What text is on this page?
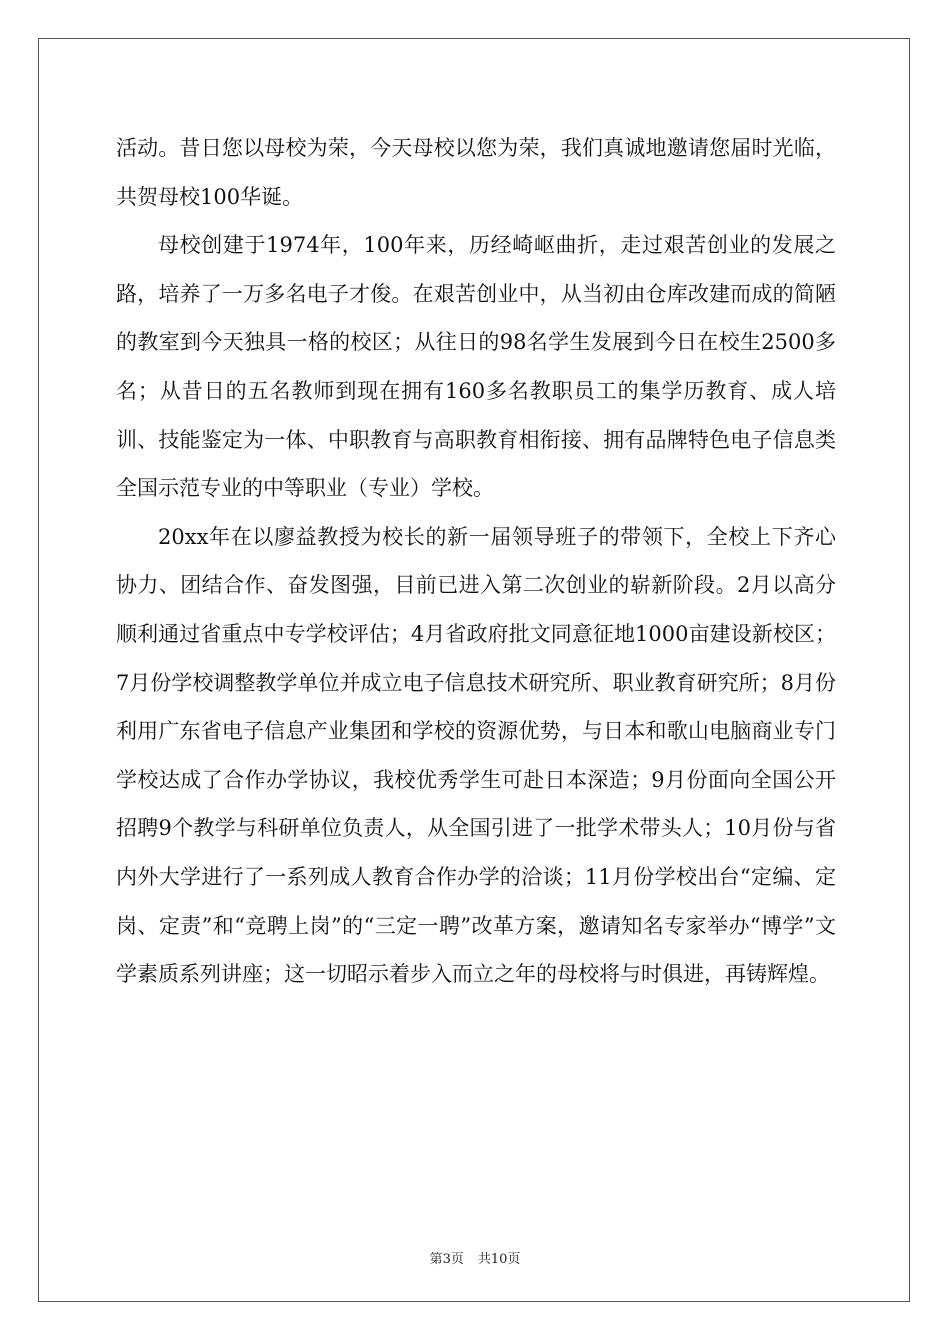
活动。昔日您以母校为荣，今天母校以您为荣，我们真诚地邀请您届时光临，共贺母校100华诞。

母校创建于1974年，100年来，历经崎岖曲折，走过艰苦创业的发展之路，培养了一万多名电子才俊。在艰苦创业中，从当初由仓库改建而成的简陋的教室到今天独具一格的校区；从往日的98名学生发展到今日在校生2500多名；从昔日的五名教师到现在拥有160多名教职员工的集学历教育、成人培训、技能鉴定为一体、中职教育与高职教育相衔接、拥有品牌特色电子信息类全国示范专业的中等职业（专业）学校。

20xx年在以廖益教授为校长的新一届领导班子的带领下，全校上下齐心协力、团结合作、奋发图强，目前已进入第二次创业的崭新阶段。2月以高分顺利通过省重点中专学校评估；4月省政府批文同意征地1000亩建设新校区；7月份学校调整教学单位并成立电子信息技术研究所、职业教育研究所；8月份利用广东省电子信息产业集团和学校的资源优势，与日本和歌山电脑商业专门学校达成了合作办学协议，我校优秀学生可赴日本深造；9月份面向全国公开招聘9个教学与科研单位负责人，从全国引进了一批学术带头人；10月份与省内外大学进行了一系列成人教育合作办学的洽谈；11月份学校出台“定编、定岗、定责”和“竞聘上岗”的“三定一聘”改革方案，邀请知名专家举办“博学”文学素质系列讲座；这一切昭示着步入而立之年的母校将与时俱进，再铸辉煌。

第3页 共10页
